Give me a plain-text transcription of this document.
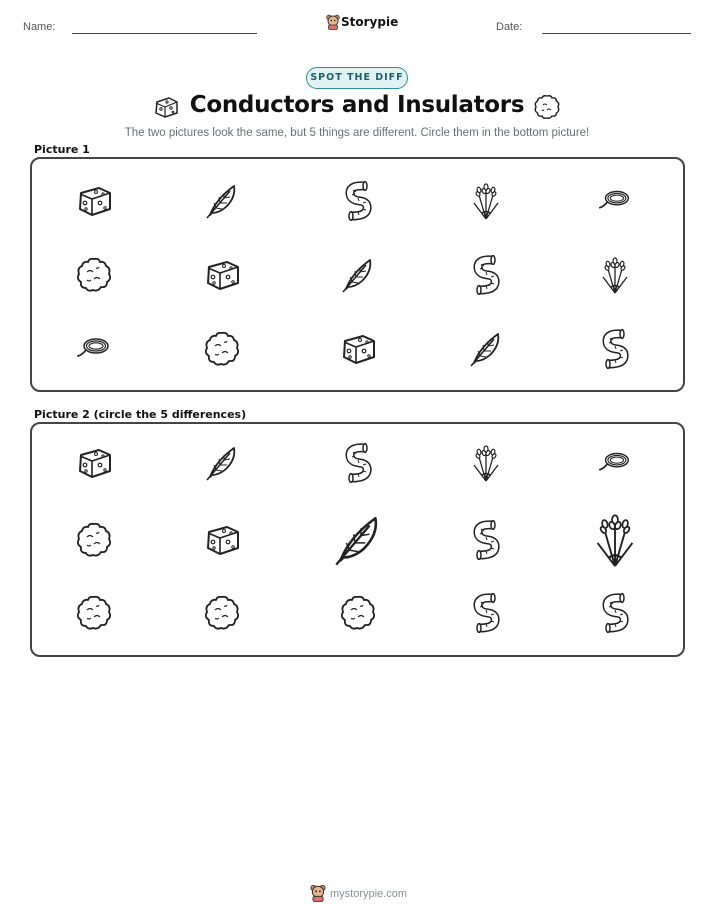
Name:	Storypie	Date:
SPOT THE DIFF
Conductors and Insulators
The two pictures look the same, but 5 things are different. Circle them in the bottom picture!
Picture 1
Picture 2 (circle the 5 differences)
mystorypie.com
